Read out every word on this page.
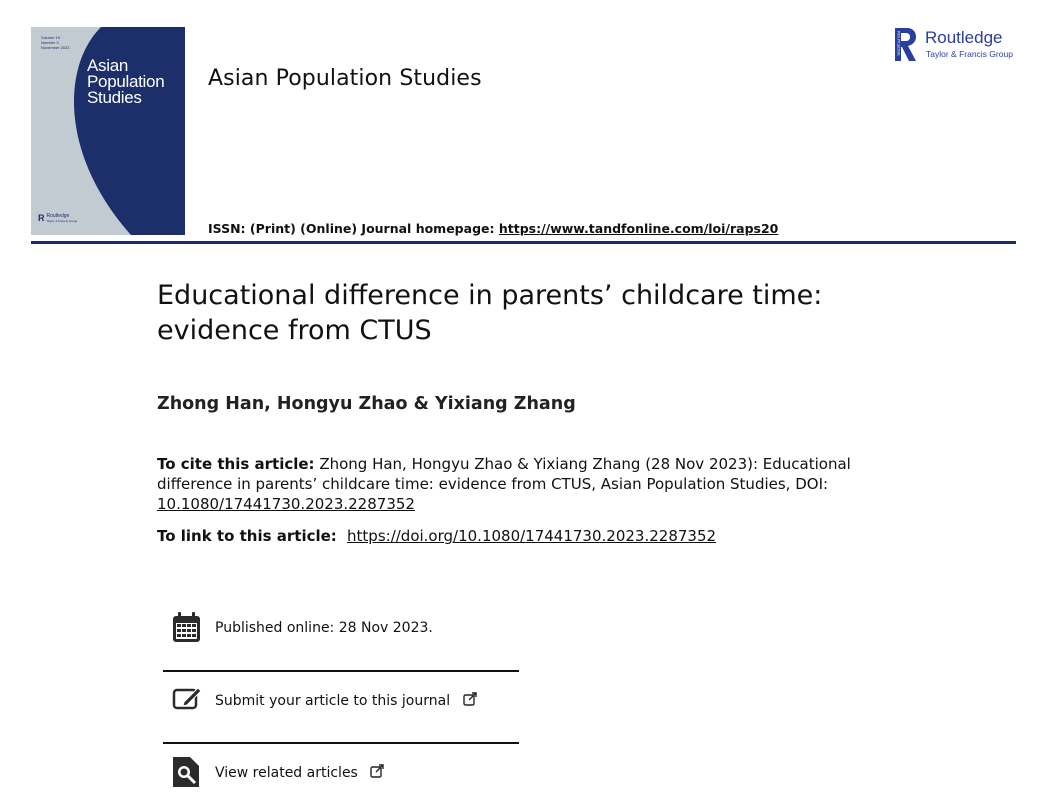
Volume 19
Number 3
November 2023
Asian
Population
Studies
R Routledge
Taylor & Francis Group
Asian Population Studies
ROUTLEDGE Routledge
Taylor & Francis Group
ISSN: (Print) (Online) Journal homepage: https://www.tandfonline.com/loi/raps20
Educational difference in parents’ childcare time: evidence from CTUS
Zhong Han, Hongyu Zhao & Yixiang Zhang
To cite this article: Zhong Han, Hongyu Zhao & Yixiang Zhang (28 Nov 2023): Educational difference in parents’ childcare time: evidence from CTUS, Asian Population Studies, DOI: 10.1080/17441730.2023.2287352
To link to this article: https://doi.org/10.1080/17441730.2023.2287352
Published online: 28 Nov 2023.
Submit your article to this journal
View related articles
